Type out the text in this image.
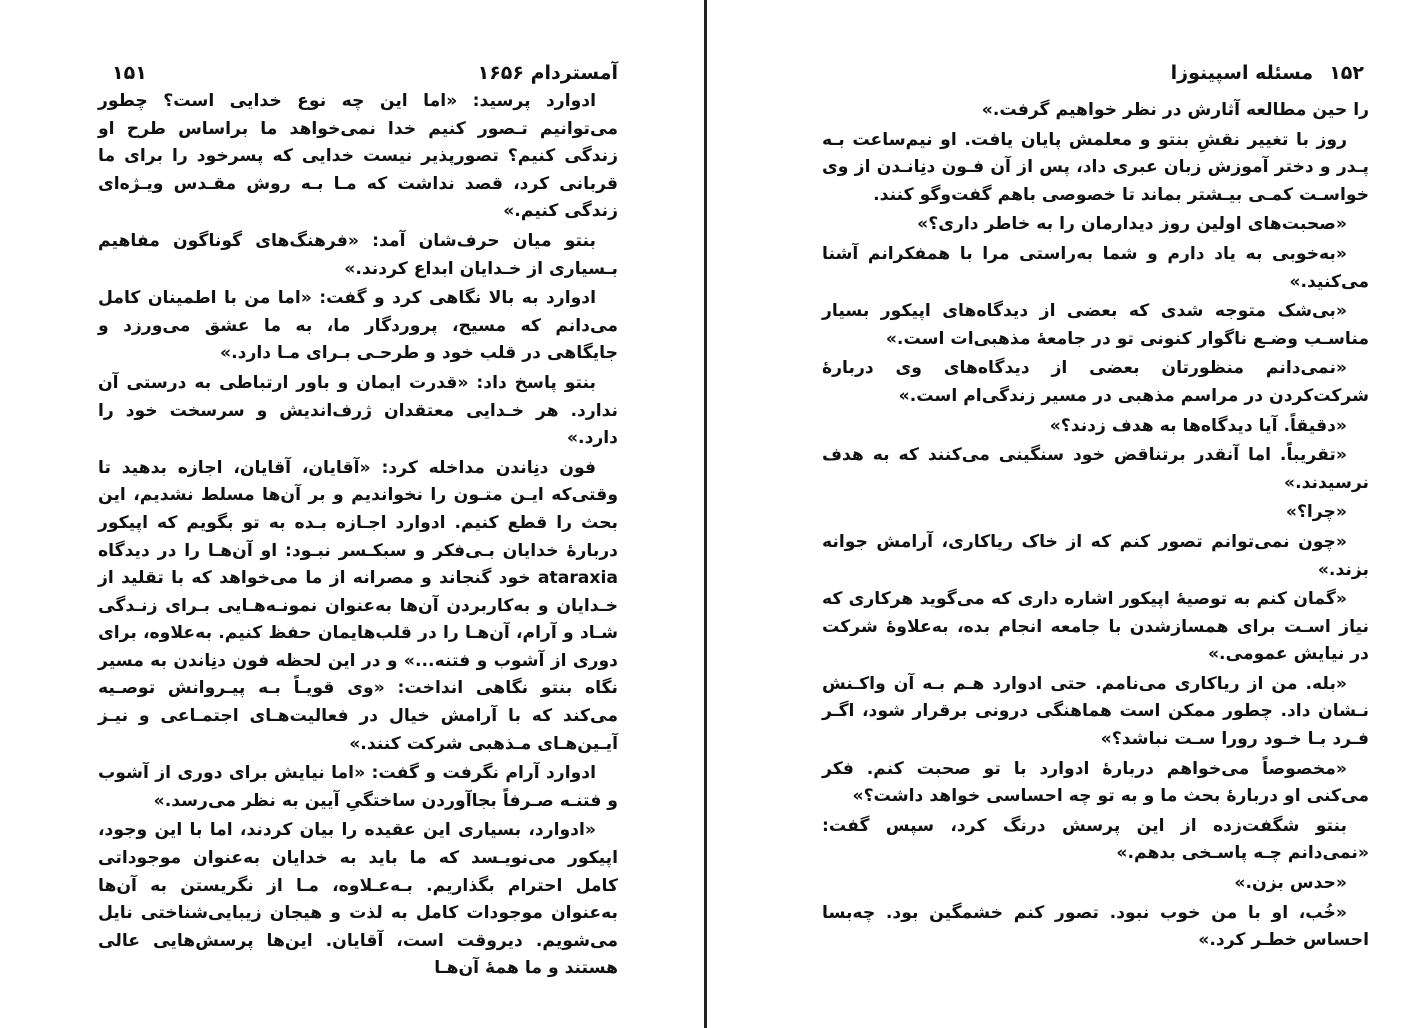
آمستردام ۱۶۵۶
۱۵۱

ادوارد پرسید: «اما این چه نوع خدایی است؟ چطور می‌توانیم تـصور کنیم خدا نمی‌خواهد ما براساس طرح او زندگی کنیم؟ تصورپذیر نیست خدایی که پسرخود را برای ما قربانی کرد، قصد نداشت که مـا بـه روش مقـدس ویـژه‌ای زندگی کنیم.»

بنتو میان حرف‌شان آمد: «فرهنگ‌های گوناگون مفاهیم بـسیاری از خـدایان ابداع کردند.»

ادوارد به بالا نگاهی کرد و گفت: «اما من با اطمینان کامل می‌دانم که مسیح، پروردگار ما، به ما عشق می‌ورزد و جایگاهی در قلب خود و طرحـی بـرای مـا دارد.»

بنتو پاسخ داد: «قدرت ایمان و باور ارتباطی به درستی آن ندارد. هر خـدایی معتقدان ژرف‌اندیش و سرسخت خود را دارد.»

فون دنِاندن مداخله کرد: «آقایان، آقایان، اجازه بدهید تا وقتی‌که ایـن متـون را نخواندیم و بر آن‌ها مسلط نشدیم، این بحث را قطع کنیم. ادوارد اجـازه بـده به تو بگویم که اپیکور دربارهٔ خدایان بـی‌فکر و سبکـسر نبـود: او آن‌هـا را در دیدگاه ataraxia خود گنجاند و مصرانه از ما می‌خواهد که با تقلید از خـدایان و به‌کاربردن آن‌ها به‌عنوان نمونـه‌هـایی بـرای زنـدگی شـاد و آرام، آن‌هـا را در قلب‌هایمان حفظ کنیم. به‌علاوه، برای دوری از آشوب و فتنه...» و در این لحظه فون دنِاندن به مسیر نگاه بنتو نگاهی انداخت: «وی قویـاً بـه پیـروانش توصـیه می‌کند که با آرامش خیال در فعالیت‌هـای اجتمـاعی و نیـز آیـین‌هـای مـذهبی شرکت کنند.»

ادوارد آرام نگرفت و گفت: «اما نیایش برای دوری از آشوب و فتنـه صـرفاً بجاآوردن ساختگیِ آیین به نظر می‌رسد.»

«ادوارد، بسیاری این عقیده را بیان کردند، اما با این وجود، اپیکور می‌نویـسد که ما باید به خدایان به‌عنوان موجوداتی کامل احترام بگذاریم. بـه‌عـلاوه، مـا از نگریستن به آن‌ها به‌عنوان موجودات کامل به لذت و هیجان زیبایی‌شناختی نایل می‌شویم. دیروقت است، آقایان. این‌ها پرسش‌هایی عالی هستند و ما همهٔ آن‌هـا

۱۵۲
مسئله اسپینوزا

را حین مطالعه آثارش در نظر خواهیم گرفت.»

روز با تغییر نقشِ بنتو و معلمش پایان یافت. او نیم‌ساعت بـه پـدر و دختر آموزش زبان عبری داد، پس از آن فـون دنِانـدن از وی خواسـت کمـی بیـشتر بماند تا خصوصی باهم گفت‌وگو کنند.

«صحبت‌های اولین روز دیدارمان را به خاطر داری؟»

«به‌خوبی به یاد دارم و شما به‌راستی مرا با همفکرانم آشنا می‌کنید.»

«بی‌شک متوجه شدی که بعضی از دیدگاه‌های اپیکور بسیار مناسـب وضـع ناگوار کنونی تو در جامعهٔ مذهبی‌ات است.»

«نمی‌دانم منظورتان بعضی از دیدگاه‌های وی دربارهٔ شرکت‌کردن در مراسم مذهبی در مسیر زندگی‌ام است.»

«دقیقاً. آیا دیدگاه‌ها به هدف زدند؟»

«تقریباً. اما آنقدر برتناقض خود سنگینی می‌کنند که به هدف نرسیدند.»

«چرا؟»

«چون نمی‌توانم تصور کنم که از خاک ریاکاری، آرامش جوانه بزند.»

«گمان کنم به توصیهٔ اپیکور اشاره داری که می‌گوید هرکاری که نیاز اسـت برای همسازشدن با جامعه انجام بده، به‌علاوهٔ شرکت در نیایش عمومی.»

«بله. من از ریاکاری می‌نامم. حتی ادوارد هـم بـه آن واکـنش نـشان داد. چطور ممکن است هماهنگی درونی برقرار شود، اگـر فـرد بـا خـود رورا سـت نباشد؟»

«مخصوصاً می‌خواهم دربارهٔ ادوارد با تو صحبت کنم. فکر می‌کنی او دربارهٔ بحث ما و به تو چه احساسی خواهد داشت؟»

بنتو شگفت‌زده از این پرسش درنگ کرد، سپس گفت: «نمی‌دانم چـه پاسـخی بدهم.»

«حدس بزن.»

«خُب، او با من خوب نبود. تصور کنم خشمگین بود. چه‌بسا احساس خطـر کرد.»
